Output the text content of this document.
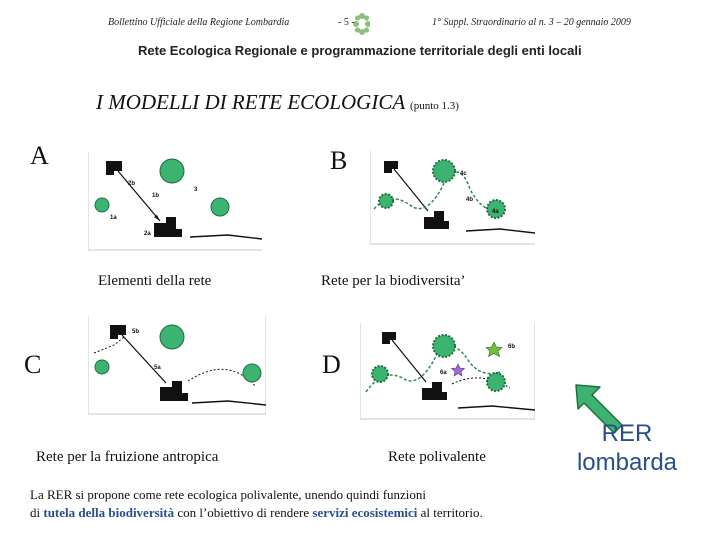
Bollettino Ufficiale della Regione Lombardia	- 5 -	1° Suppl. Straordinario al n. 3 – 20 gennaio 2009
Rete Ecologica Regionale e programmazione territoriale degli enti locali
I MODELLI DI RETE ECOLOGICA (punto 1.3)
A	B
C	D
2b
1b
3
1a
2a
4c
4b
4a
Elementi della rete	Rete per la biodiversita’
5b
5a
6b
6a
Rete per la fruizione antropica	Rete polivalente
RER
lombarda
La RER si propone come rete ecologica polivalente, unendo quindi funzioni
di tutela della biodiversità con l’obiettivo di rendere servizi ecosistemici al territorio.
